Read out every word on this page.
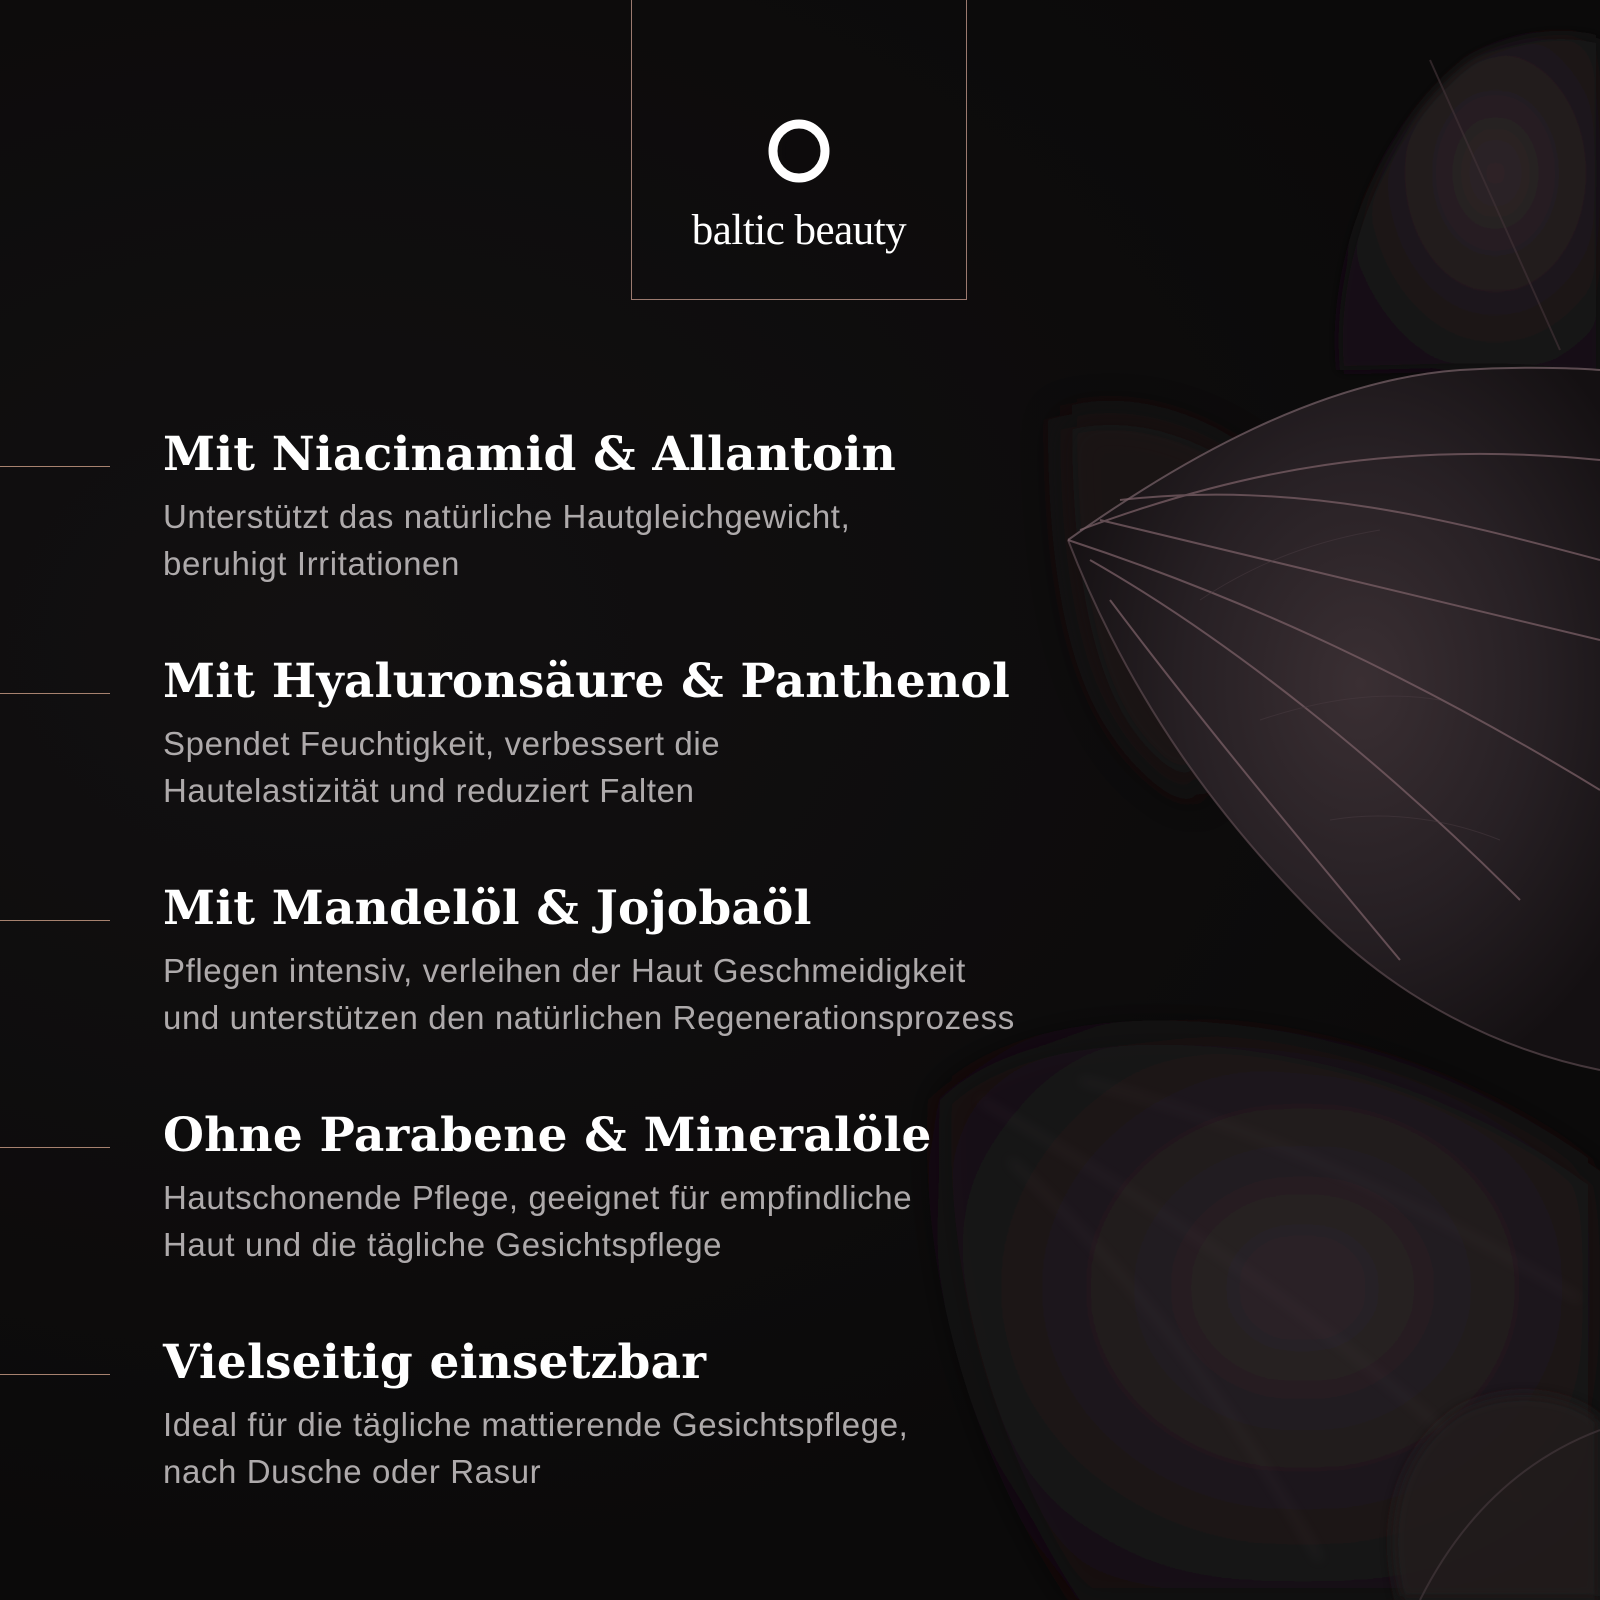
baltic beauty
Mit Niacinamid & Allantoin
Unterstützt das natürliche Hautgleichgewicht,
beruhigt Irritationen
Mit Hyaluronsäure & Panthenol
Spendet Feuchtigkeit, verbessert die
Hautelastizität und reduziert Falten
Mit Mandelöl & Jojobaöl
Pflegen intensiv, verleihen der Haut Geschmeidigkeit
und unterstützen den natürlichen Regenerationsprozess
Ohne Parabene & Mineralöle
Hautschonende Pflege, geeignet für empfindliche
Haut und die tägliche Gesichtspflege
Vielseitig einsetzbar
Ideal für die tägliche mattierende Gesichtspflege,
nach Dusche oder Rasur
